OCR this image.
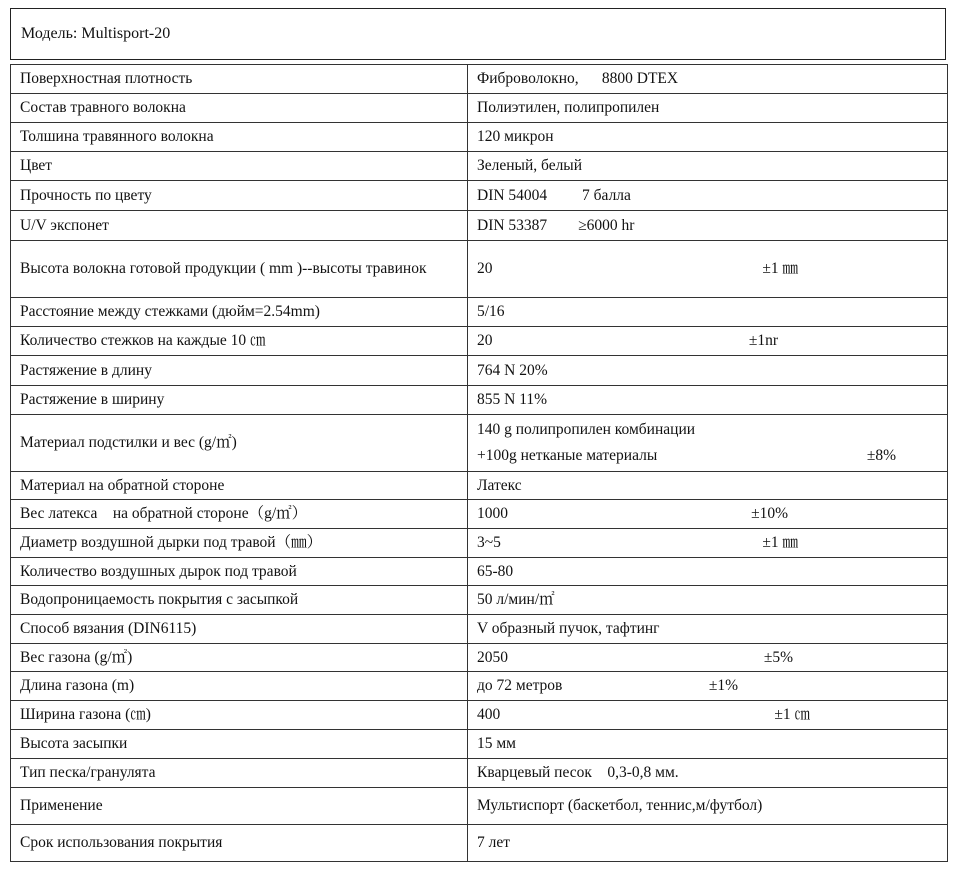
Модель: Multisport-20
Поверхностная плотность	Фиброволокно,      8800 DTEX
Состав травного волокна	Полиэтилен, полипропилен
Толшина травянного волокна	120 микрон
Цвет	Зеленый, белый
Прочность по цвету	DIN 54004         7 балла
U/V экспонет	DIN 53387        ≥6000 hr
Высота волокна готовой продукции ( mm )--высоты травинок	20 ±1 ㎜

Расстояние между стежками (дюйм=2.54mm)	5/16
Количество стежков на каждые 10 ㎝	20 ±1nr

Растяжение в длину	764 N 20%
Растяжение в ширину	855 N 11%
Материал подстилки и вес (g/㎡)	140 g полипропилен комбинации
+100g нетканые материалы ±8%

Материал на обратной стороне	Латекс
Вес латекса    на обратной стороне（g/㎡）	1000 ±10%

Диаметр воздушной дырки под травой（㎜）	3~5 ±1 ㎜

Количество воздушных дырок под травой	65-80
Водопроницаемость покрытия с засыпкой	50 л/мин/㎡
Способ вязания (DIN6115)	V образный пучок, тафтинг
Вес газона (g/㎡)	2050 ±5%

Длина газона (m)	до 72 метров ±1%

Ширина газона (㎝)	400 ±1 ㎝

Высота засыпки	15 мм
Тип песка/гранулята	Кварцевый песок    0,3-0,8 мм.
Применение	Мультиспорт (баскетбол, теннис,м/футбол)
Срок использования покрытия	7 лет
